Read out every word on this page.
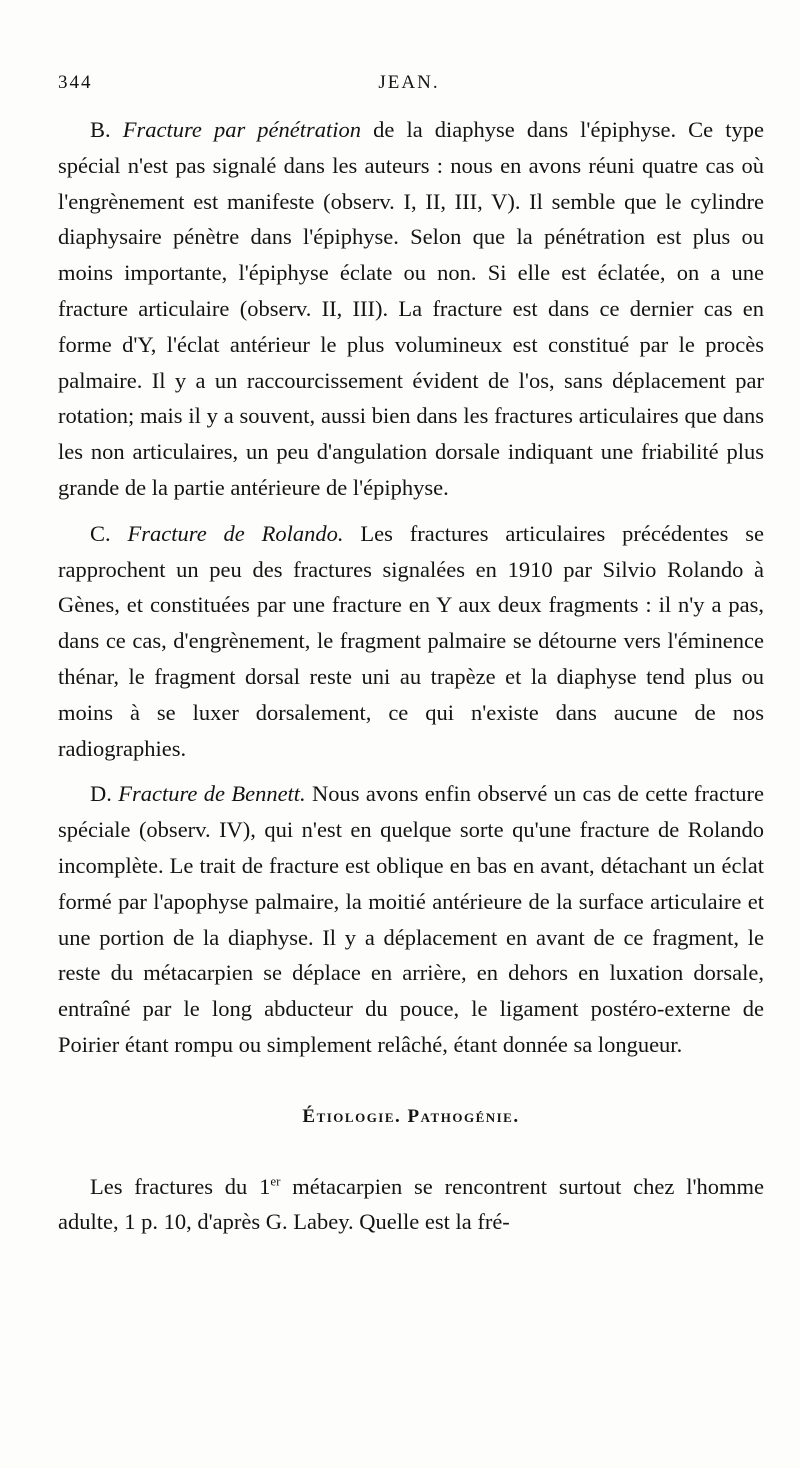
344	JEAN.

B. Fracture par pénétration de la diaphyse dans l'épiphyse. Ce type spécial n'est pas signalé dans les auteurs : nous en avons réuni quatre cas où l'engrènement est manifeste (observ. I, II, III, V). Il semble que le cylindre diaphysaire pénètre dans l'épiphyse. Selon que la pénétration est plus ou moins importante, l'épiphyse éclate ou non. Si elle est éclatée, on a une fracture articulaire (observ. II, III). La fracture est dans ce dernier cas en forme d'Y, l'éclat antérieur le plus volumineux est constitué par le procès palmaire. Il y a un raccourcissement évident de l'os, sans déplacement par rotation; mais il y a souvent, aussi bien dans les fractures articulaires que dans les non articulaires, un peu d'angulation dorsale indiquant une friabilité plus grande de la partie antérieure de l'épiphyse.

C. Fracture de Rolando. Les fractures articulaires précédentes se rapprochent un peu des fractures signalées en 1910 par Silvio Rolando à Gènes, et constituées par une fracture en Y aux deux fragments : il n'y a pas, dans ce cas, d'engrènement, le fragment palmaire se détourne vers l'éminence thénar, le fragment dorsal reste uni au trapèze et la diaphyse tend plus ou moins à se luxer dorsalement, ce qui n'existe dans aucune de nos radiographies.

D. Fracture de Bennett. Nous avons enfin observé un cas de cette fracture spéciale (observ. IV), qui n'est en quelque sorte qu'une fracture de Rolando incomplète. Le trait de fracture est oblique en bas en avant, détachant un éclat formé par l'apophyse palmaire, la moitié antérieure de la surface articulaire et une portion de la diaphyse. Il y a déplacement en avant de ce fragment, le reste du métacarpien se déplace en arrière, en dehors en luxation dorsale, entraîné par le long abducteur du pouce, le ligament postéro-externe de Poirier étant rompu ou simplement relâché, étant donnée sa longueur.

Étiologie. Pathogénie.

Les fractures du 1er métacarpien se rencontrent surtout chez l'homme adulte, 1 p. 10, d'après G. Labey. Quelle est la fré-
